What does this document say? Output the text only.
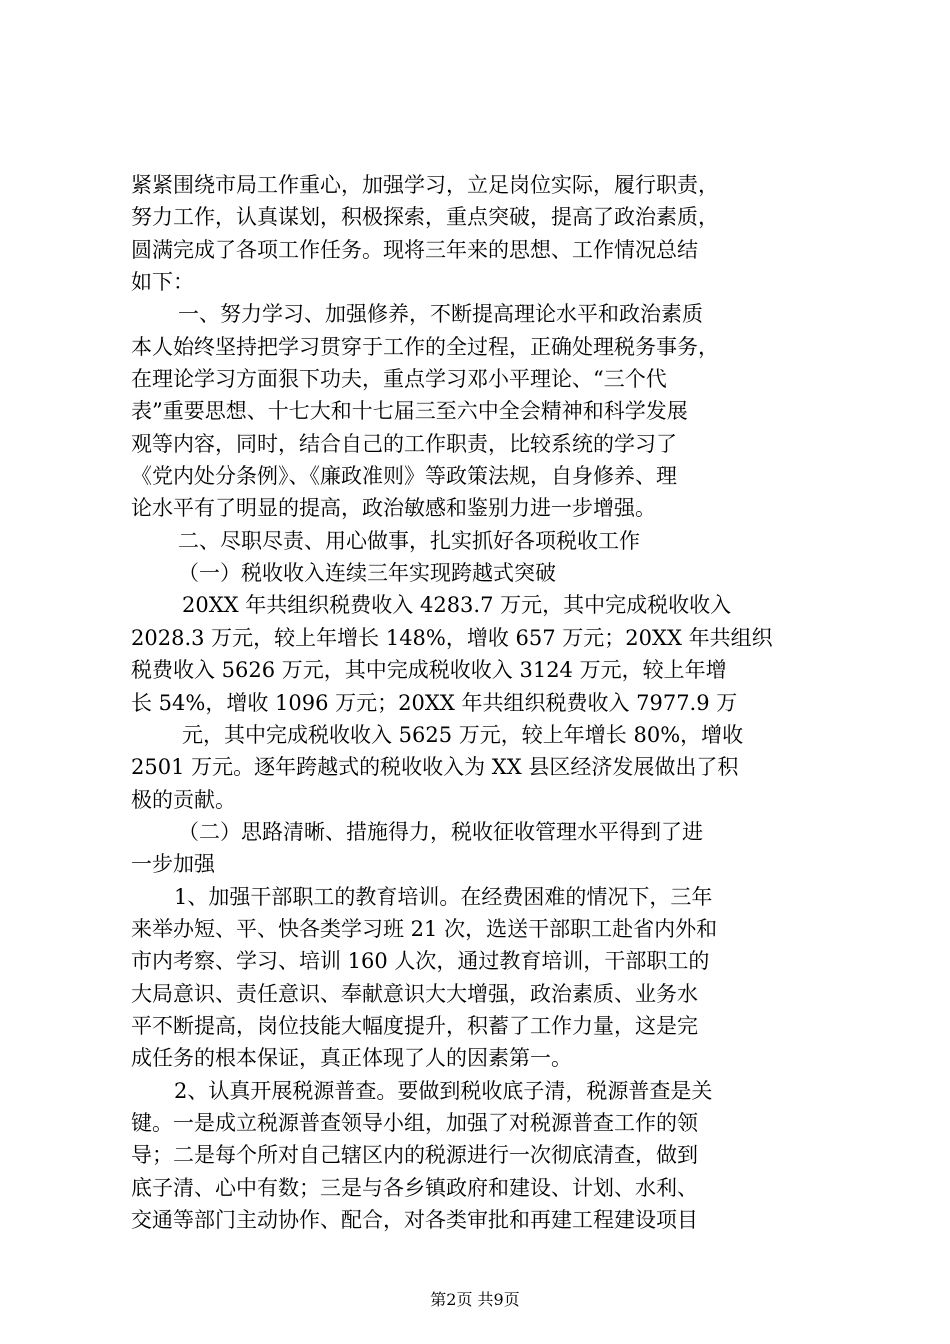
紧紧围绕市局工作重心，加强学习，立足岗位实际，履行职责，
努力工作，认真谋划，积极探索，重点突破，提高了政治素质，
圆满完成了各项工作任务。现将三年来的思想、工作情况总结
如下：
一、努力学习、加强修养，不断提高理论水平和政治素质
本人始终坚持把学习贯穿于工作的全过程，正确处理税务事务，
在理论学习方面狠下功夫，重点学习邓小平理论、“三个代
表”重要思想、十七大和十七届三至六中全会精神和科学发展
观等内容，同时，结合自己的工作职责，比较系统的学习了
《党内处分条例》、《廉政准则》等政策法规，自身修养、理
论水平有了明显的提高，政治敏感和鉴别力进一步增强。
二、尽职尽责、用心做事，扎实抓好各项税收工作
（一）税收收入连续三年实现跨越式突破
20XX 年共组织税费收入 4283.7 万元，其中完成税收收入
2028.3 万元，较上年增长 148%，增收 657 万元；20XX 年共组织
税费收入 5626 万元，其中完成税收收入 3124 万元，较上年增
长 54%，增收 1096 万元；20XX 年共组织税费收入 7977.9 万
元，其中完成税收收入 5625 万元，较上年增长 80%，增收
2501 万元。逐年跨越式的税收收入为 XX 县区经济发展做出了积
极的贡献。
（二）思路清晰、措施得力，税收征收管理水平得到了进
一步加强
1、加强干部职工的教育培训。在经费困难的情况下，三年
来举办短、平、快各类学习班 21 次，选送干部职工赴省内外和
市内考察、学习、培训 160 人次，通过教育培训，干部职工的
大局意识、责任意识、奉献意识大大增强，政治素质、业务水
平不断提高，岗位技能大幅度提升，积蓄了工作力量，这是完
成任务的根本保证，真正体现了人的因素第一。
2、认真开展税源普查。要做到税收底子清，税源普查是关
键。一是成立税源普查领导小组，加强了对税源普查工作的领
导；二是每个所对自己辖区内的税源进行一次彻底清查，做到
底子清、心中有数；三是与各乡镇政府和建设、计划、水利、
交通等部门主动协作、配合，对各类审批和再建工程建设项目
第2页 共9页
